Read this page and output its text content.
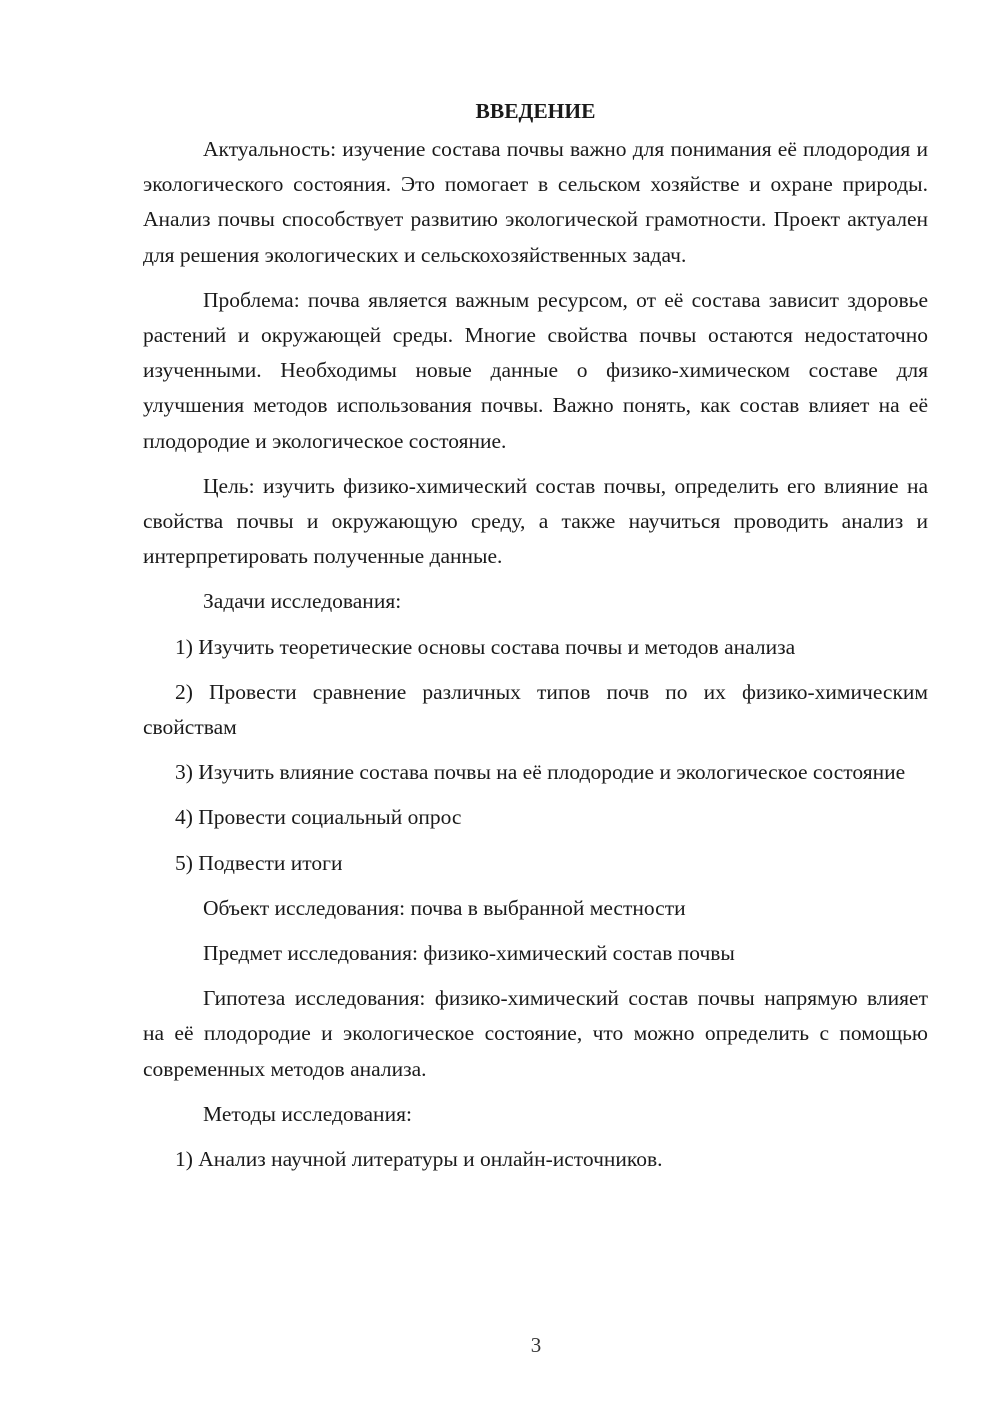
ВВЕДЕНИЕ

Актуальность: изучение состава почвы важно для понимания её плодородия и экологического состояния. Это помогает в сельском хозяйстве и охране природы. Анализ почвы способствует развитию экологической грамотности. Проект актуален для решения экологических и сельскохозяйственных задач.

Проблема: почва является важным ресурсом, от её состава зависит здоровье растений и окружающей среды. Многие свойства почвы остаются недостаточно изученными. Необходимы новые данные о физико-химическом составе для улучшения методов использования почвы. Важно понять, как состав влияет на её плодородие и экологическое состояние.

Цель: изучить физико-химический состав почвы, определить его влияние на свойства почвы и окружающую среду, а также научиться проводить анализ и интерпретировать полученные данные.

Задачи исследования:

1) Изучить теоретические основы состава почвы и методов анализа

2) Провести сравнение различных типов почв по их физико-химическим свойствам

3) Изучить влияние состава почвы на её плодородие и экологическое состояние

4) Провести социальный опрос

5) Подвести итоги

Объект исследования: почва в выбранной местности

Предмет исследования: физико-химический состав почвы

Гипотеза исследования: физико-химический состав почвы напрямую влияет на её плодородие и экологическое состояние, что можно определить с помощью современных методов анализа.

Методы исследования:

1) Анализ научной литературы и онлайн-источников.

3
